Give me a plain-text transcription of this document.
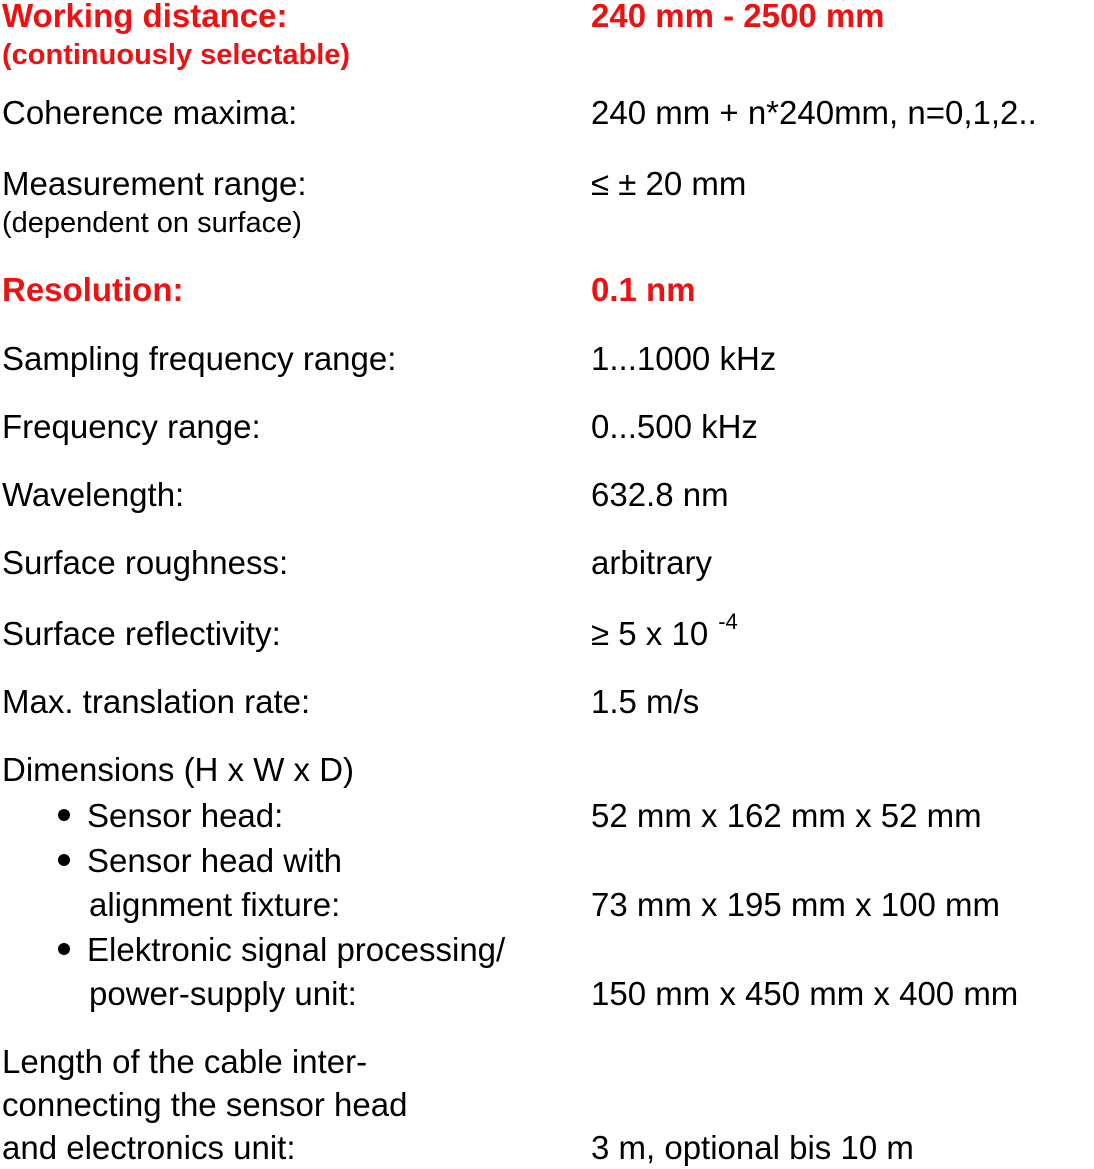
Working distance:	240 mm - 2500 mm
(continuously selectable)
Coherence maxima:	240 mm + n*240mm, n=0,1,2..
Measurement range:	≤ ± 20 mm
(dependent on surface)
Resolution:	0.1 nm
Sampling frequency range:	1...1000 kHz
Frequency range:	0...500 kHz
Wavelength:	632.8 nm
Surface roughness:	arbitrary
Surface reflectivity:	≥ 5 x 10 $^{-4}$
Max. translation rate:	1.5 m/s
Dimensions (H x W x D)
Sensor head:	52 mm x 162 mm x 52 mm
Sensor head with
alignment fixture:	73 mm x 195 mm x 100 mm
Elektronic signal processing/
power-supply unit:	150 mm x 450 mm x 400 mm
Length of the cable inter-
connecting the sensor head
and electronics unit:	3 m, optional bis 10 m
